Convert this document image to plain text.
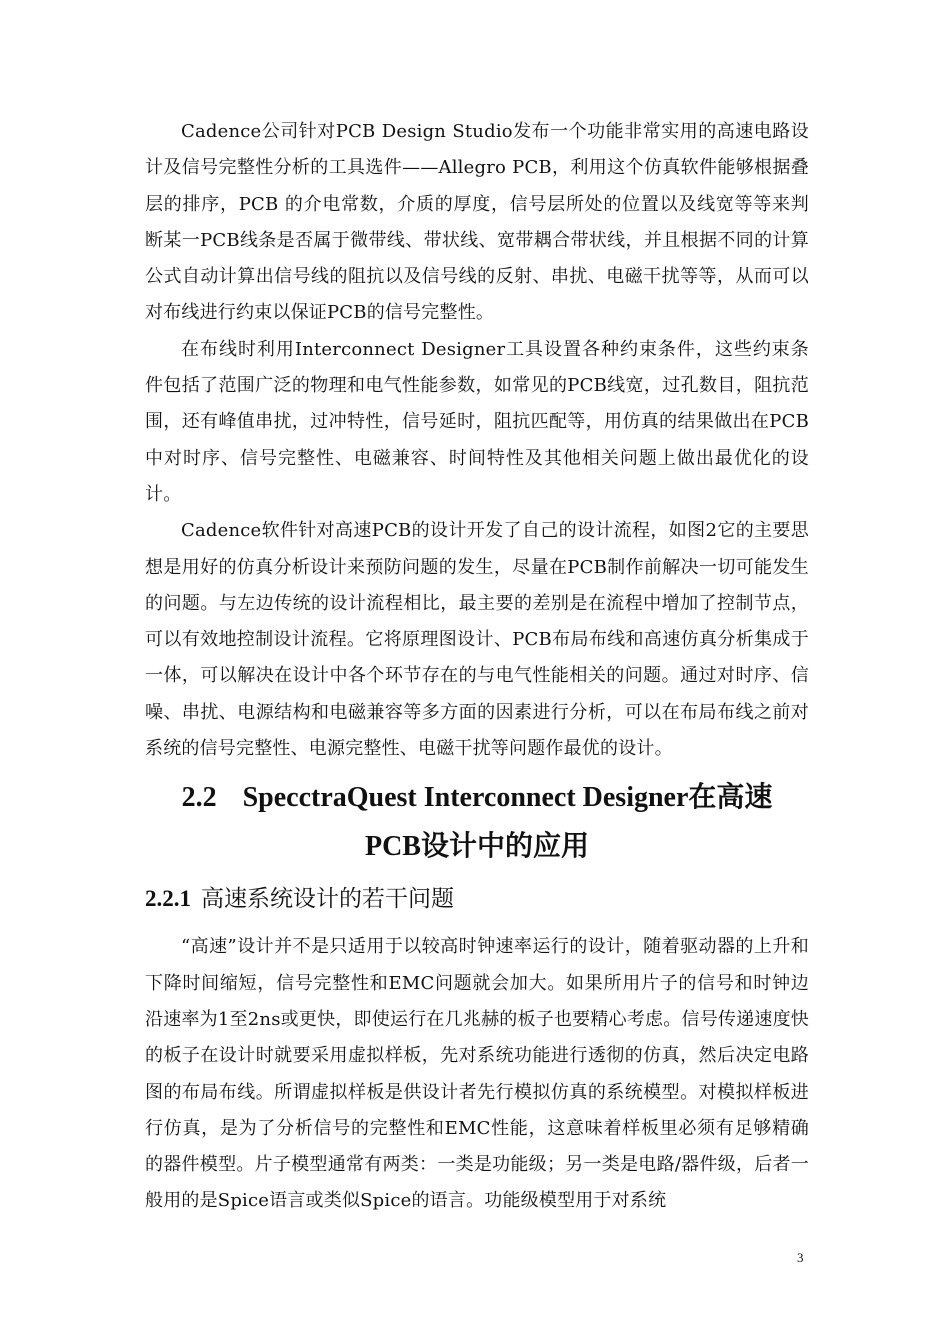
Cadence公司针对PCB Design Studio发布一个功能非常实用的高速电路设计及信号完整性分析的工具选件——Allegro PCB，利用这个仿真软件能够根据叠层的排序，PCB 的介电常数，介质的厚度，信号层所处的位置以及线宽等等来判断某一PCB线条是否属于微带线、带状线、宽带耦合带状线，并且根据不同的计算公式自动计算出信号线的阻抗以及信号线的反射、串扰、电磁干扰等等，从而可以对布线进行约束以保证PCB的信号完整性。

在布线时利用Interconnect Designer工具设置各种约束条件，这些约束条件包括了范围广泛的物理和电气性能参数，如常见的PCB线宽，过孔数目，阻抗范围，还有峰值串扰，过冲特性，信号延时，阻抗匹配等，用仿真的结果做出在PCB中对时序、信号完整性、电磁兼容、时间特性及其他相关问题上做出最优化的设计。

Cadence软件针对高速PCB的设计开发了自己的设计流程，如图2它的主要思想是用好的仿真分析设计来预防问题的发生，尽量在PCB制作前解决一切可能发生的问题。与左边传统的设计流程相比，最主要的差别是在流程中增加了控制节点，可以有效地控制设计流程。它将原理图设计、PCB布局布线和高速仿真分析集成于一体，可以解决在设计中各个环节存在的与电气性能相关的问题。通过对时序、信噪、串扰、电源结构和电磁兼容等多方面的因素进行分析，可以在布局布线之前对系统的信号完整性、电源完整性、电磁干扰等问题作最优的设计。

2.2 SpecctraQuest Interconnect Designer在高速
PCB设计中的应用
2.2.1 高速系统设计的若干问题

“高速”设计并不是只适用于以较高时钟速率运行的设计，随着驱动器的上升和下降时间缩短，信号完整性和EMC问题就会加大。如果所用片子的信号和时钟边沿速率为1至2ns或更快，即使运行在几兆赫的板子也要精心考虑。信号传递速度快的板子在设计时就要采用虚拟样板，先对系统功能进行透彻的仿真，然后决定电路图的布局布线。所谓虚拟样板是供设计者先行模拟仿真的系统模型。对模拟样板进行仿真，是为了分析信号的完整性和EMC性能，这意味着样板里必须有足够精确的器件模型。片子模型通常有两类：一类是功能级；另一类是电路/器件级，后者一般用的是Spice语言或类似Spice的语言。功能级模型用于对系统

3
